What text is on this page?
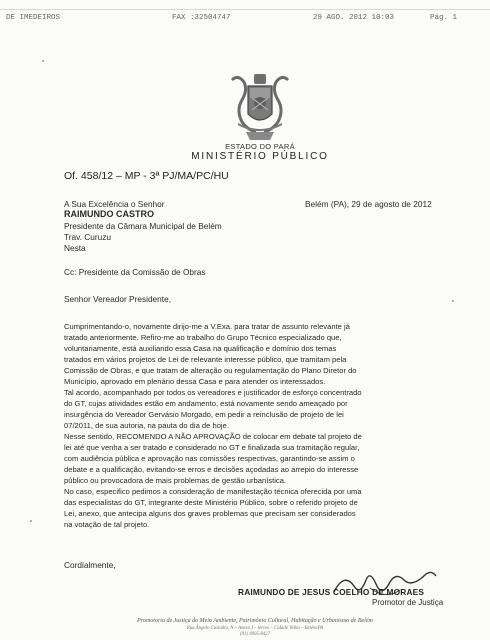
DE IMEDEIROS	FAX :32504747	29 AGO. 2012 10:03	Pág. 1
ESTADO DO PARÁ
MINISTÉRIO PÚBLICO
Of. 458/12 – MP - 3ª PJ/MA/PC/HU
A Sua Excelência o Senhor	Belém (PA), 29 de agosto de 2012
RAIMUNDO CASTRO
Presidente da Câmara Municipal de Belém
Trav. Curuzu
Nesta
Cc: Presidente da Comissão de Obras
Senhor Vereador Presidente,
Cumprimentando-o, novamente dirijo-me a V.Exa. para tratar de assunto relevante já
tratado anteriormente. Refiro-me ao trabalho do Grupo Técnico especializado que,
voluntariamente, está auxiliando essa Casa na qualificação e domínio dos temas
tratados em vários projetos de Lei de relevante interesse público, que tramitam pela
Comissão de Obras, e que tratam de alteração ou regulamentação do Plano Diretor do
Município, aprovado em plenário dessa Casa e para atender os interessados.
Tal acordo, acompanhado por todos os vereadores e justificador de esforço concentrado
do GT, cujas atividades estão em andamento, está novamente sendo ameaçado por
insurgência do Vereador Gervásio Morgado, em pedir a reinclusão de projeto de lei
07/2011, de sua autoria, na pauta do dia de hoje.
Nesse sentido, RECOMENDO A NÃO APROVAÇÃO de colocar em debate tal projeto de
lei até que venha a ser tratado e considerado no GT e finalizada sua tramitação regular,
com audiência pública e aprovação nas comissões respectivas, garantindo-se assim o
debate e a qualificação, evitando-se erros e decisões açodadas ao arrepio do interesse
público ou provocadora de mais problemas de gestão urbanística.
No caso, especifico pedimos a consideração de manifestação técnica oferecida por uma
das especialistas do GT, integrante deste Ministério Público, sobre o referido projeto de
Lei, anexo, que antecipa alguns dos graves problemas que precisam ser considerados
na votação de tal projeto.
Cordialmente,
RAIMUNDO DE JESUS COELHO DE MORAES
Promotor de Justiça
Promotoria de Justiça do Meio Ambiente, Patrimônio Cultural, Habitação e Urbanismo de Belém
Rua Ângelo Custódio, N – Anexo I – térreo – Cidade Velha – Belém/PA
(91) 4005-8427
